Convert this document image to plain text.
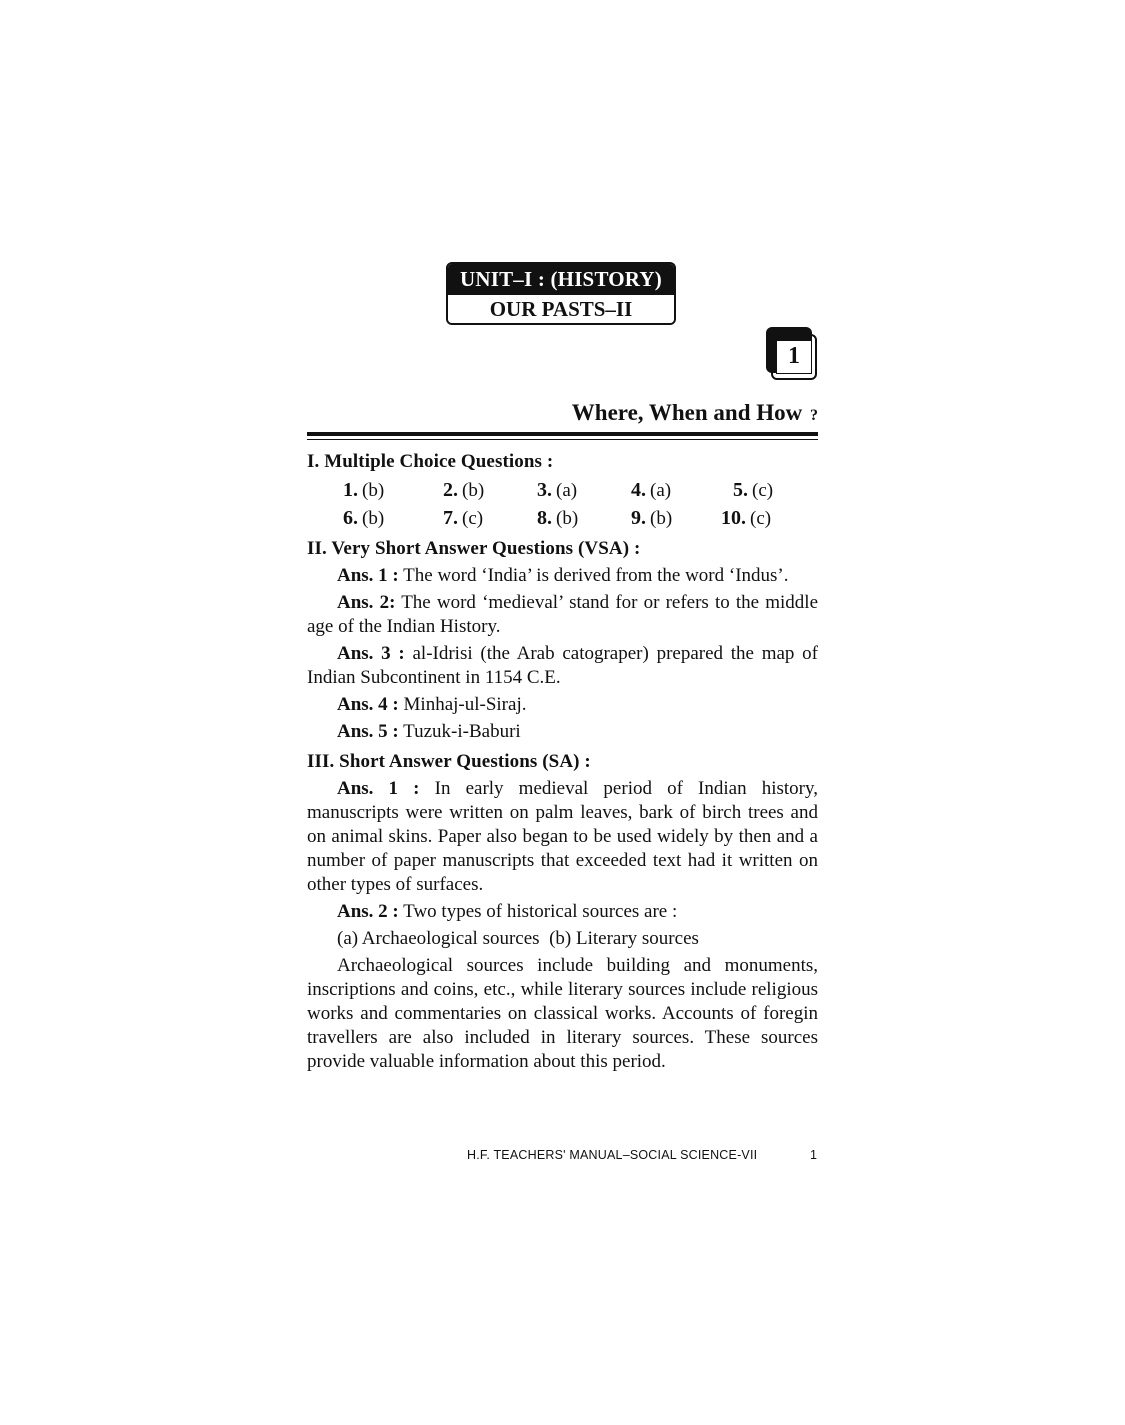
UNIT–I : (HISTORY)
OUR PASTS–II
1
Where, When and How ?

I. Multiple Choice Questions :

1. (b)	2. (b)	3. (a)	4. (a)	5. (c)
6. (b)	7. (c)	8. (b)	9. (b)	10. (c)

II. Very Short Answer Questions (VSA) :

Ans. 1 : The word ‘India’ is derived from the word ‘Indus’.

Ans. 2: The word ‘medieval’ stand for or refers to the middle age of the Indian History.

Ans. 3 : al-Idrisi (the Arab catograper) prepared the map of Indian Subcontinent in 1154 C.E.

Ans. 4 : Minhaj-ul-Siraj.

Ans. 5 : Tuzuk-i-Baburi

III. Short Answer Questions (SA) :

Ans. 1 : In early medieval period of Indian history, manuscripts were written on palm leaves, bark of birch trees and on animal skins. Paper also began to be used widely by then and a number of paper manuscripts that exceeded text had it written on other types of surfaces.

Ans. 2 : Two types of historical sources are :

(a) Archaeological sources  (b) Literary sources

Archaeological sources include building and monuments, inscriptions and coins, etc., while literary sources include religious works and commentaries on classical works. Accounts of foregin travellers are also included in literary sources. These sources provide valuable information about this period.

H.F. TEACHERS' MANUAL–SOCIAL SCIENCE-VII	1
